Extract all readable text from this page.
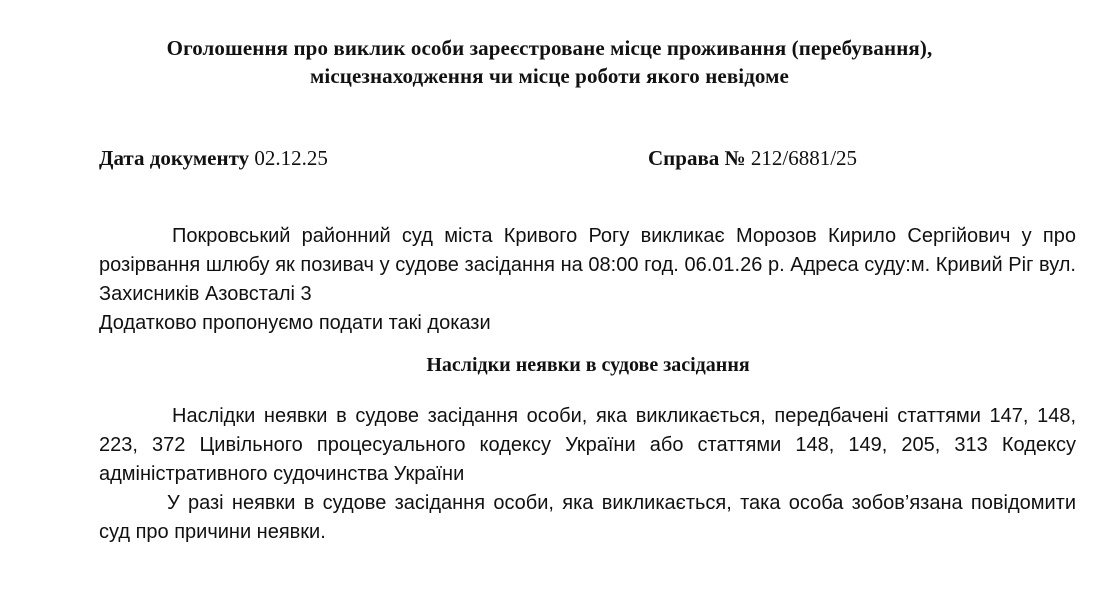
Оголошення про виклик особи зареєстроване місце проживання (перебування),
місцезнаходження чи місце роботи якого невідоме
Дата документу 02.12.25	Справа № 212/6881/25

Покровський районний суд міста Кривого Рогу викликає Морозов Кирило Сергійович у про розірвання шлюбу як позивач у судове засідання на 08:00 год. 06.01.26 р. Адреса суду:м. Кривий Ріг вул. Захисників Азовсталі 3

Додатково пропонуємо подати такі докази

Наслідки неявки в судове засідання

Наслідки неявки в судове засідання особи, яка викликається, передбачені статтями 147, 148, 223, 372 Цивільного процесуального кодексу України або статтями 148, 149, 205, 313 Кодексу адміністративного судочинства України

У разі неявки в судове засідання особи, яка викликається, така особа зобов’язана повідомити суд про причини неявки.
